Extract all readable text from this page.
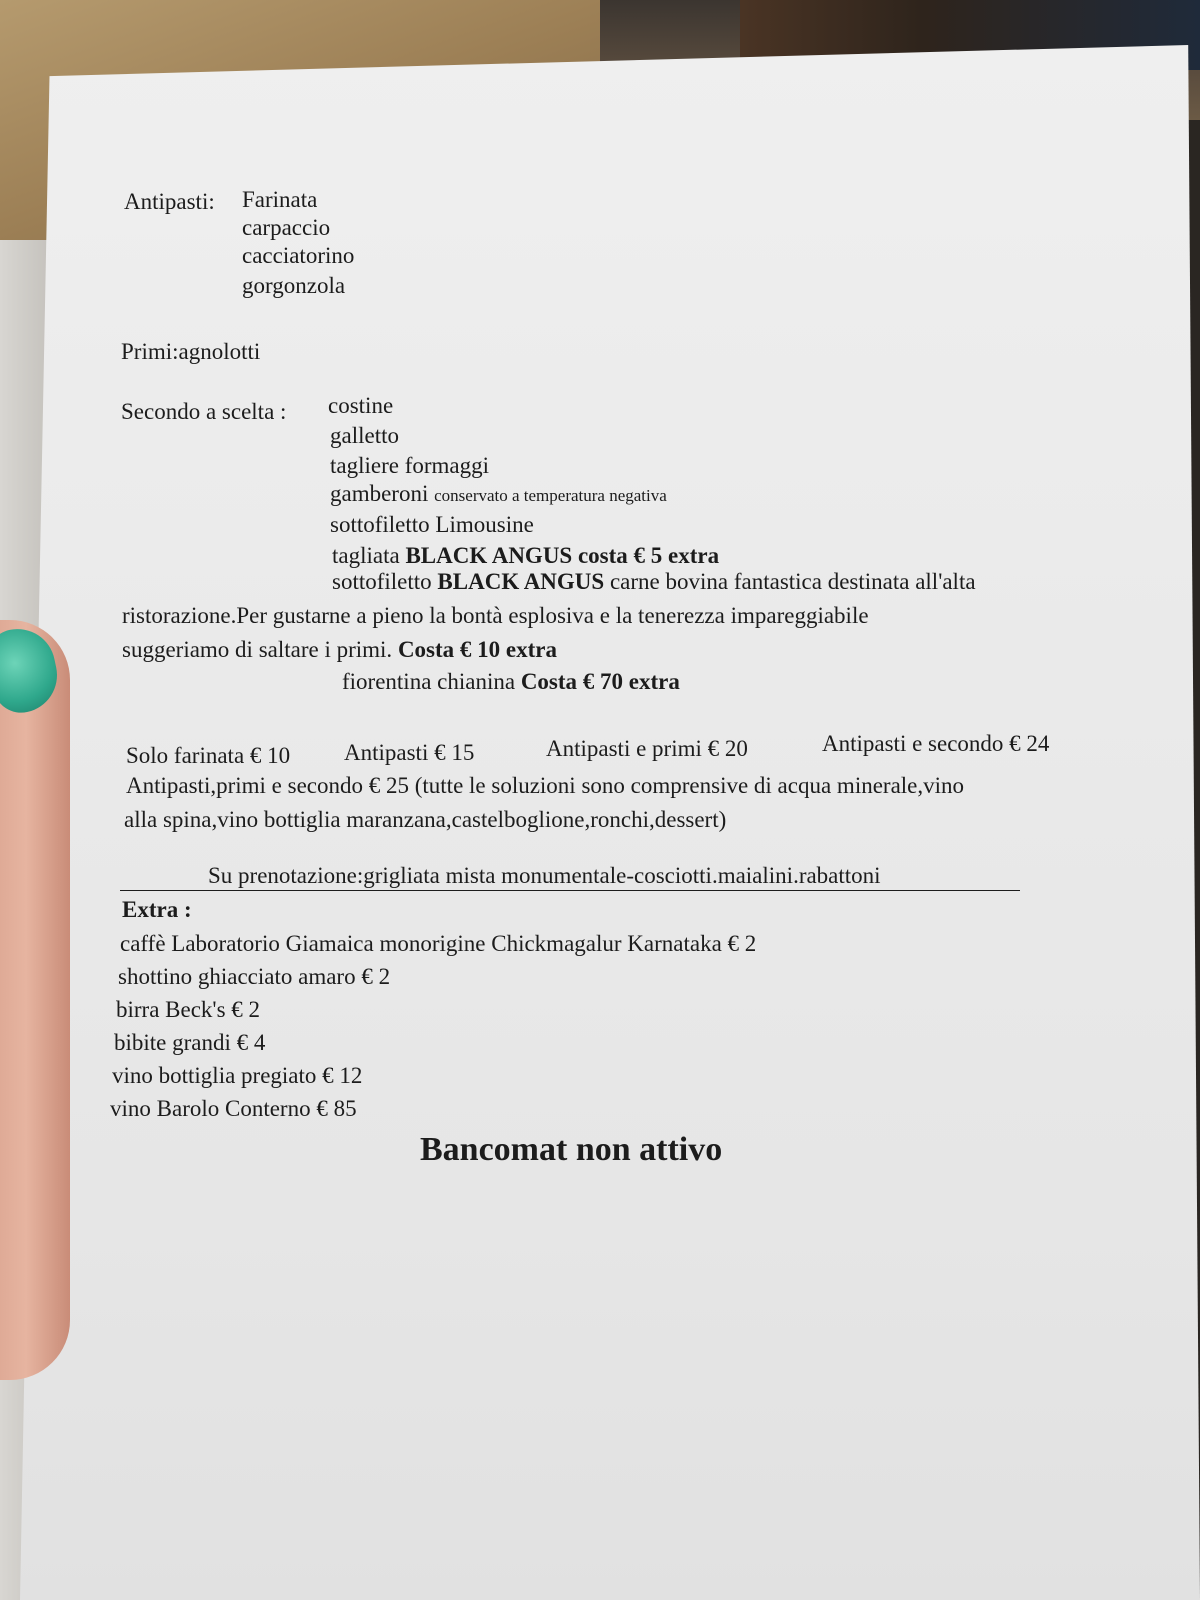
Antipasti: Farinata
carpaccio
cacciatorino
gorgonzola
Primi:agnolotti
Secondo a scelta : costine
galletto
tagliere formaggi
gamberoni conservato a temperatura negativa
sottofiletto Limousine
tagliata BLACK ANGUS costa € 5 extra
sottofiletto BLACK ANGUS carne bovina fantastica destinata all'alta
ristorazione.Per gustarne a pieno la bontà esplosiva e la tenerezza impareggiabile
suggeriamo di saltare i primi. Costa € 10 extra
fiorentina chianina Costa € 70 extra
Solo farinata € 10 Antipasti € 15	Antipasti e primi € 20	Antipasti e secondo € 24
Antipasti,primi e secondo € 25 (tutte le soluzioni sono comprensive di acqua minerale,vino
alla spina,vino bottiglia maranzana,castelboglione,ronchi,dessert)
Su prenotazione:grigliata mista monumentale-cosciotti.maialini.rabattoni
Extra :
caffè Laboratorio Giamaica monorigine Chickmagalur Karnataka € 2
shottino ghiacciato amaro € 2
birra Beck's € 2
bibite grandi € 4
vino bottiglia pregiato € 12
vino Barolo Conterno € 85
Bancomat non attivo
